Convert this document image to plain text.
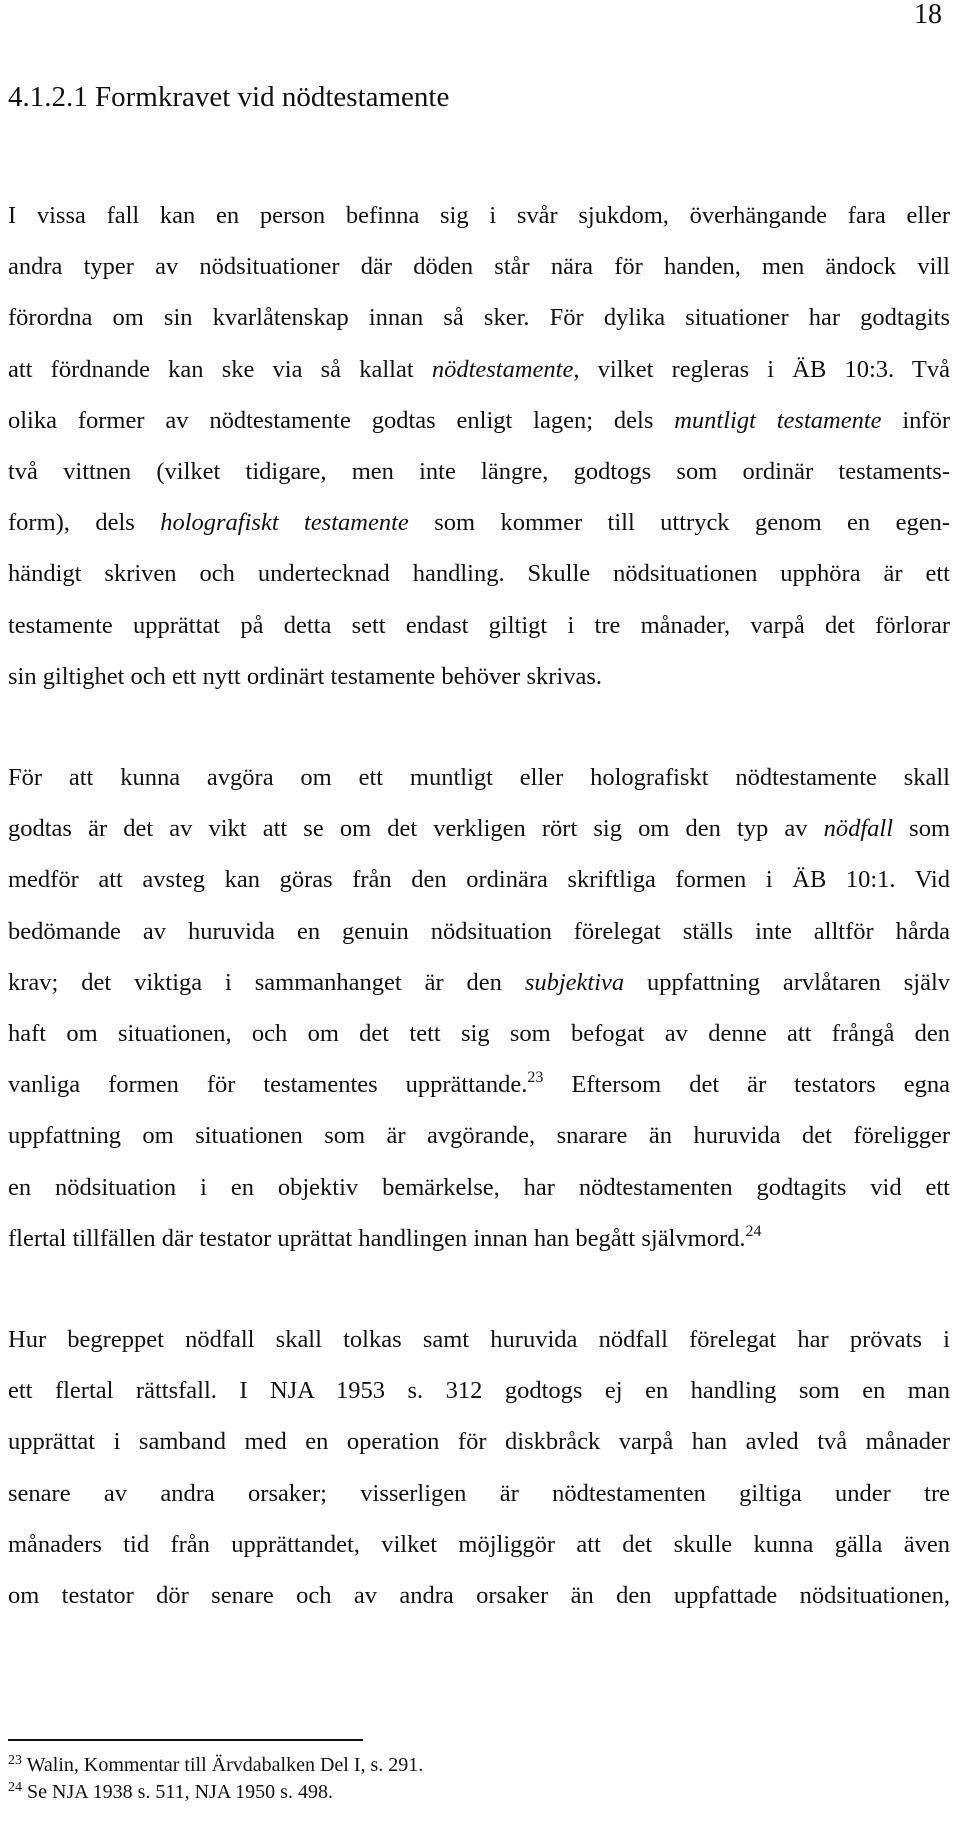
18
4.1.2.1 Formkravet vid nödtestamente
I vissa fall kan en person befinna sig i svår sjukdom, överhängande fara eller
andra typer av nödsituationer där döden står nära för handen, men ändock vill
förordna om sin kvarlåtenskap innan så sker. För dylika situationer har godtagits
att fördnande kan ske via så kallat nödtestamente, vilket regleras i ÄB 10:3. Två
olika former av nödtestamente godtas enligt lagen; dels muntligt testamente inför
två vittnen (vilket tidigare, men inte längre, godtogs som ordinär testaments-
form), dels holografiskt testamente som kommer till uttryck genom en egen-
händigt skriven och undertecknad handling. Skulle nödsituationen upphöra är ett
testamente upprättat på detta sett endast giltigt i tre månader, varpå det förlorar
sin giltighet och ett nytt ordinärt testamente behöver skrivas.
För att kunna avgöra om ett muntligt eller holografiskt nödtestamente skall
godtas är det av vikt att se om det verkligen rört sig om den typ av nödfall som
medför att avsteg kan göras från den ordinära skriftliga formen i ÄB 10:1. Vid
bedömande av huruvida en genuin nödsituation förelegat ställs inte alltför hårda
krav; det viktiga i sammanhanget är den subjektiva uppfattning arvlåtaren själv
haft om situationen, och om det tett sig som befogat av denne att frångå den
vanliga formen för testamentes upprättande.$^{23}$ Eftersom det är testators egna
uppfattning om situationen som är avgörande, snarare än huruvida det föreligger
en nödsituation i en objektiv bemärkelse, har nödtestamenten godtagits vid ett
flertal tillfällen där testator uprättat handlingen innan han begått självmord.$^{24}$
Hur begreppet nödfall skall tolkas samt huruvida nödfall förelegat har prövats i
ett flertal rättsfall. I NJA 1953 s. 312 godtogs ej en handling som en man
upprättat i samband med en operation för diskbråck varpå han avled två månader
senare av andra orsaker; visserligen är nödtestamenten giltiga under tre
månaders tid från upprättandet, vilket möjliggör att det skulle kunna gälla även
om testator dör senare och av andra orsaker än den uppfattade nödsituationen,
$^{23}$ Walin, Kommentar till Ärvdabalken Del I, s. 291.
$^{24}$ Se NJA 1938 s. 511, NJA 1950 s. 498.
